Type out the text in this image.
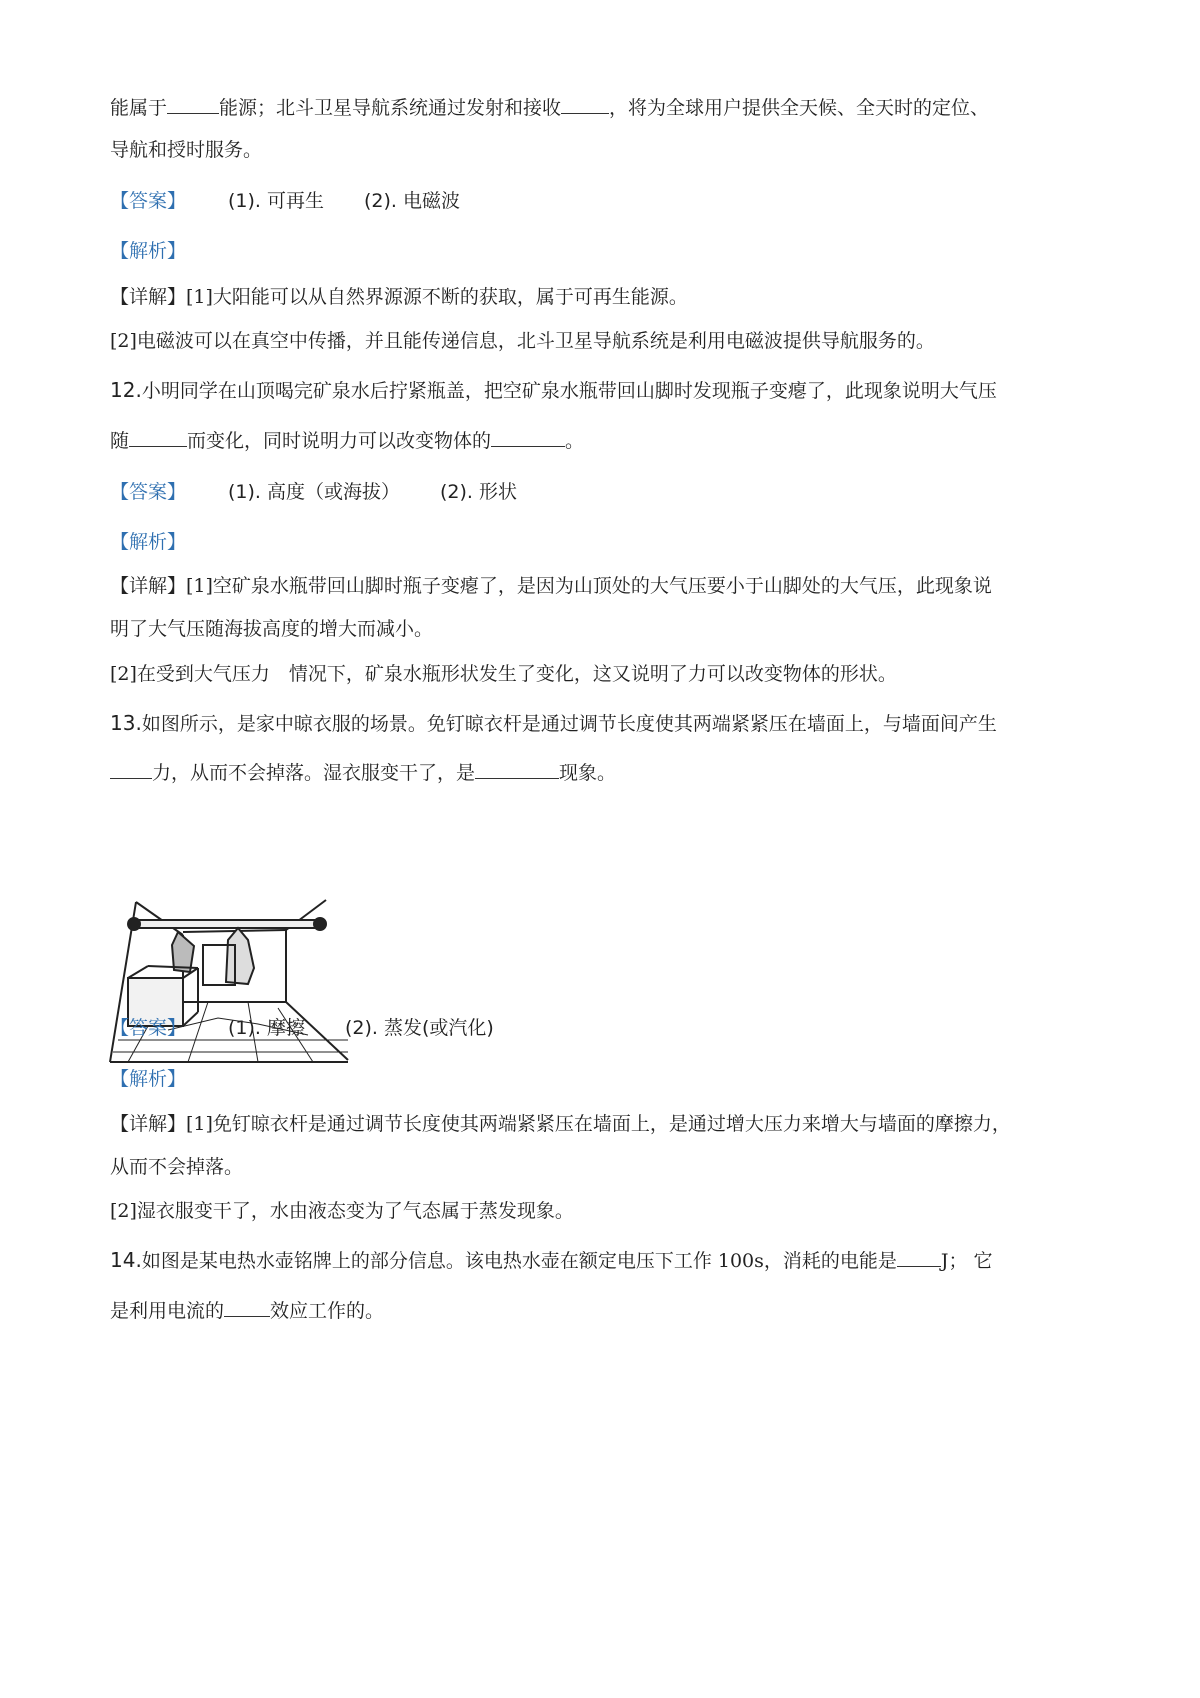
能属于	能源；北斗卫星导航系统通过发射和接收	，将为全球用户提供全天候、全天时的定位、
导航和授时服务。
【答案】 (1). 可再生 (2). 电磁波
【解析】
【详解】[1]大阳能可以从自然界源源不断的获取，属于可再生能源。
[2]电磁波可以在真空中传播，并且能传递信息，北斗卫星导航系统是利用电磁波提供导航服务的。
12.小明同学在山顶喝完矿泉水后拧紧瓶盖，把空矿泉水瓶带回山脚时发现瓶子变瘪了，此现象说明大气压
随	而变化，同时说明力可以改变物体的	。
【答案】 (1). 高度（或海拔） (2). 形状
【解析】
【详解】[1]空矿泉水瓶带回山脚时瓶子变瘪了，是因为山顶处的大气压要小于山脚处的大气压，此现象说
明了大气压随海拔高度的增大而减小。
[2]在受到大气压力　情况下，矿泉水瓶形状发生了变化，这又说明了力可以改变物体的形状。
13.如图所示，是家中晾衣服的场景。免钉晾衣杆是通过调节长度使其两端紧紧压在墙面上，与墙面间产生
力，从而不会掉落。湿衣服变干了，是	现象。
【答案】 (1). 摩擦 (2). 蒸发(或汽化)
【解析】
【详解】[1]免钉晾衣杆是通过调节长度使其两端紧紧压在墙面上，是通过增大压力来增大与墙面的摩擦力，
从而不会掉落。
[2]湿衣服变干了，水由液态变为了气态属于蒸发现象。
14.如图是某电热水壶铭牌上的部分信息。该电热水壶在额定电压下工作 100s，消耗的电能是 J； 它
是利用电流的 效应工作的。
